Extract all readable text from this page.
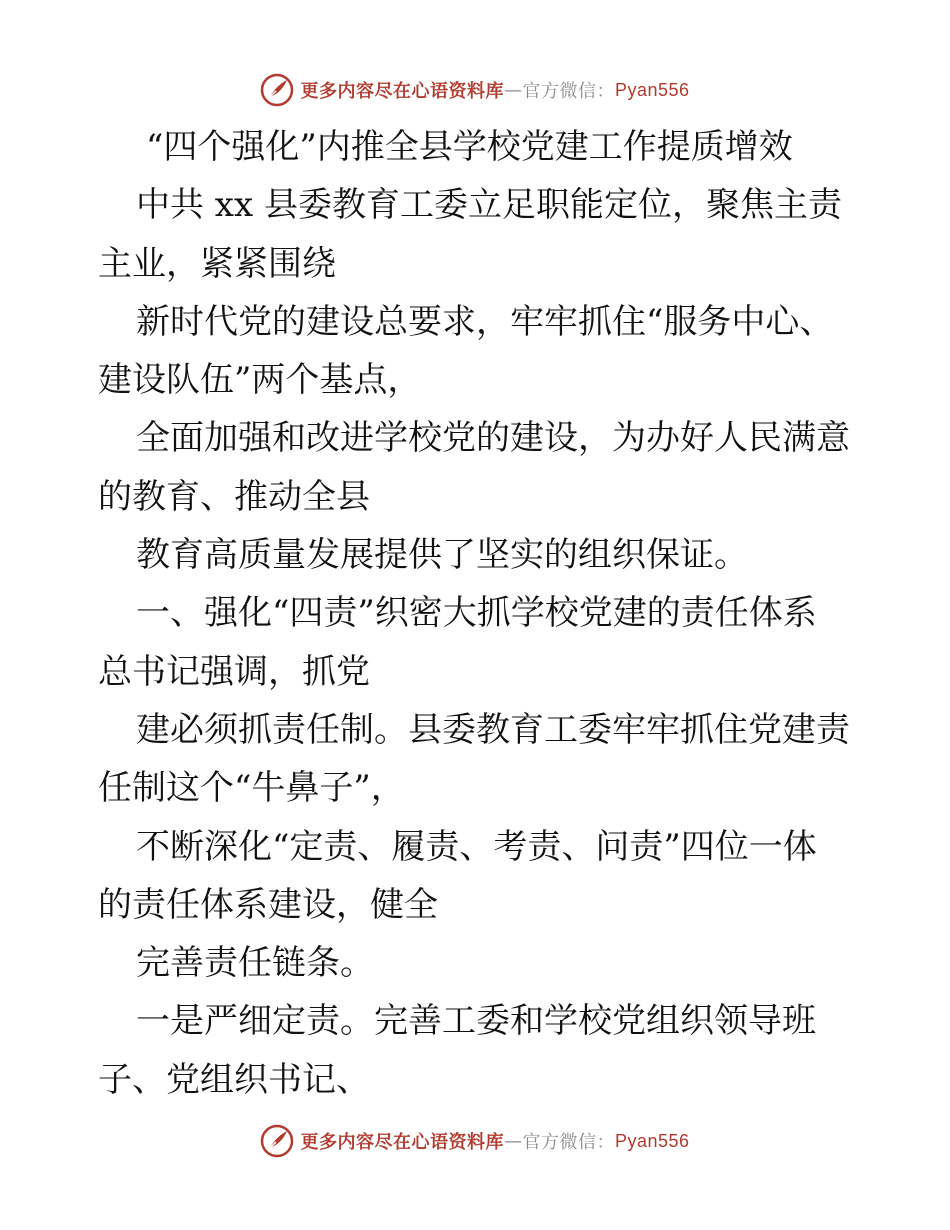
更多内容尽在心语资料库 — 官方微信： Pyan556
“四个强化”内推全县学校党建工作提质增效
中共 xx 县委教育工委立足职能定位，聚焦主责
主业，紧紧围绕
新时代党的建设总要求，牢牢抓住“服务中心、
建设队伍”两个基点，
全面加强和改进学校党的建设，为办好人民满意
的教育、推动全县
教育高质量发展提供了坚实的组织保证。
一、强化“四责”织密大抓学校党建的责任体系
总书记强调，抓党
建必须抓责任制。县委教育工委牢牢抓住党建责
任制这个“牛鼻子”，
不断深化“定责、履责、考责、问责”四位一体
的责任体系建设，健全
完善责任链条。
一是严细定责。完善工委和学校党组织领导班
子、党组织书记、
更多内容尽在心语资料库 — 官方微信： Pyan556
